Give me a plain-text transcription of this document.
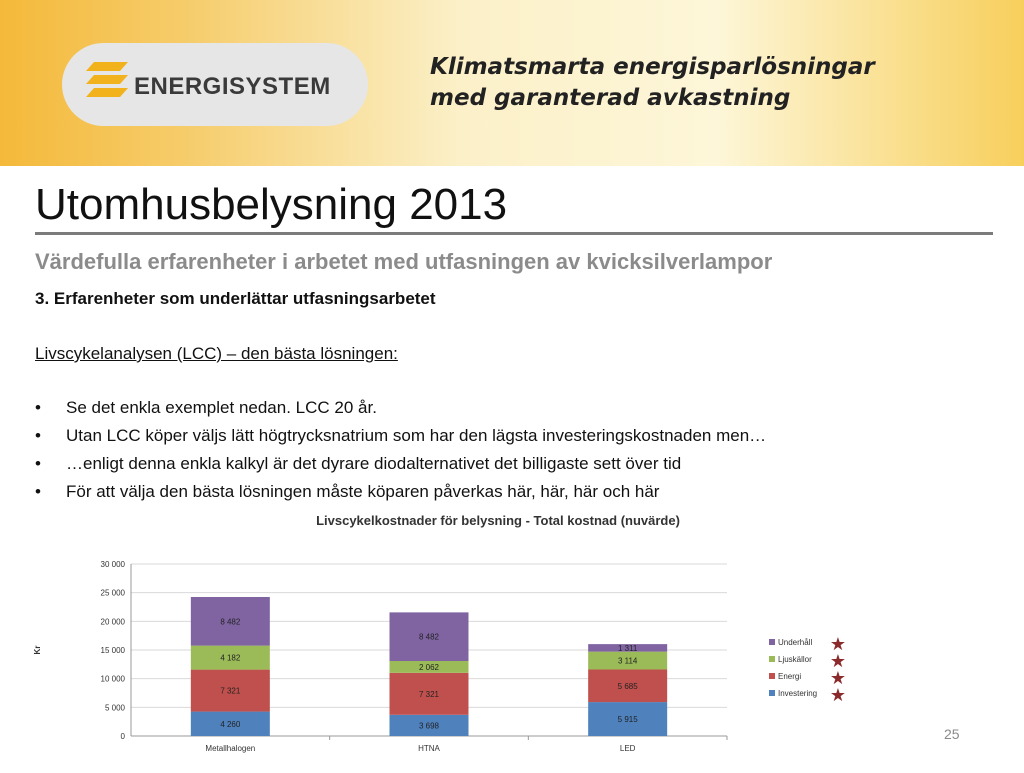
ENERGISYSTEM
Klimatsmarta energisparlösningar
med garanterad avkastning
Utomhusbelysning 2013
Värdefulla erfarenheter i arbetet med utfasningen av kvicksilverlampor
3. Erfarenheter som underlättar utfasningsarbetet
Livscykelanalysen (LCC) – den bästa lösningen:
• Se det enkla exemplet nedan. LCC 20 år.
• Utan LCC köper väljs lätt högtrycksnatrium som har den lägsta investeringskostnaden men…
• …enligt denna enkla kalkyl är det dyrare diodalternativet det billigaste sett över tid
• För att välja den bästa lösningen måste köparen påverkas här, här, här och här
Livscykelkostnader för belysning - Total kostnad (nuvärde)
0
5 000
10 000
15 000
20 000
25 000
30 000
Kr
4 260
7 321
4 182
8 482
Metallhalogen
3 698
7 321
2 062
8 482
HTNA
5 915
5 685
3 114
1 311
LED
Underhåll ★
Ljuskällor ★
Energi ★
Investering ★
25
